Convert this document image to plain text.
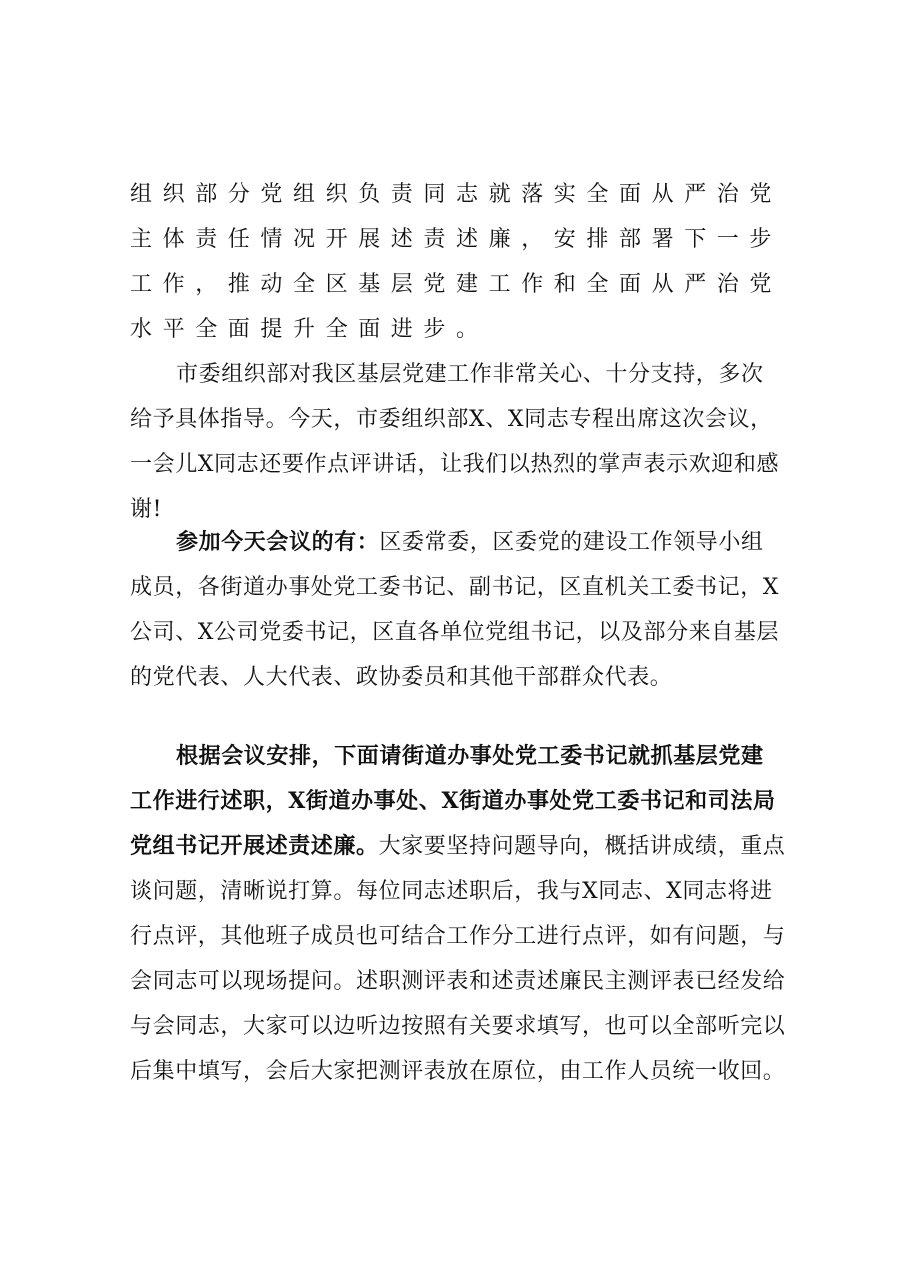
组织部分党组织负责同志就落实全面从严治党主体责任情况开展述责述廉，安排部署下一步工作，推动全区基层党建工作和全面从严治党水平全面提升全面进步。

市委组织部对我区基层党建工作非常关心、十分支持，多次给予具体指导。今天，市委组织部X、X同志专程出席这次会议，一会儿X同志还要作点评讲话，让我们以热烈的掌声表示欢迎和感谢!

参加今天会议的有：区委常委，区委党的建设工作领导小组成员，各街道办事处党工委书记、副书记，区直机关工委书记，X公司、X公司党委书记，区直各单位党组书记，以及部分来自基层的党代表、人大代表、政协委员和其他干部群众代表。

根据会议安排，下面请街道办事处党工委书记就抓基层党建工作进行述职，X街道办事处、X街道办事处党工委书记和司法局党组书记开展述责述廉。大家要坚持问题导向，概括讲成绩，重点谈问题，清晰说打算。每位同志述职后，我与X同志、X同志将进行点评，其他班子成员也可结合工作分工进行点评，如有问题，与会同志可以现场提问。述职测评表和述责述廉民主测评表已经发给与会同志，大家可以边听边按照有关要求填写，也可以全部听完以后集中填写，会后大家把测评表放在原位，由工作人员统一收回。
